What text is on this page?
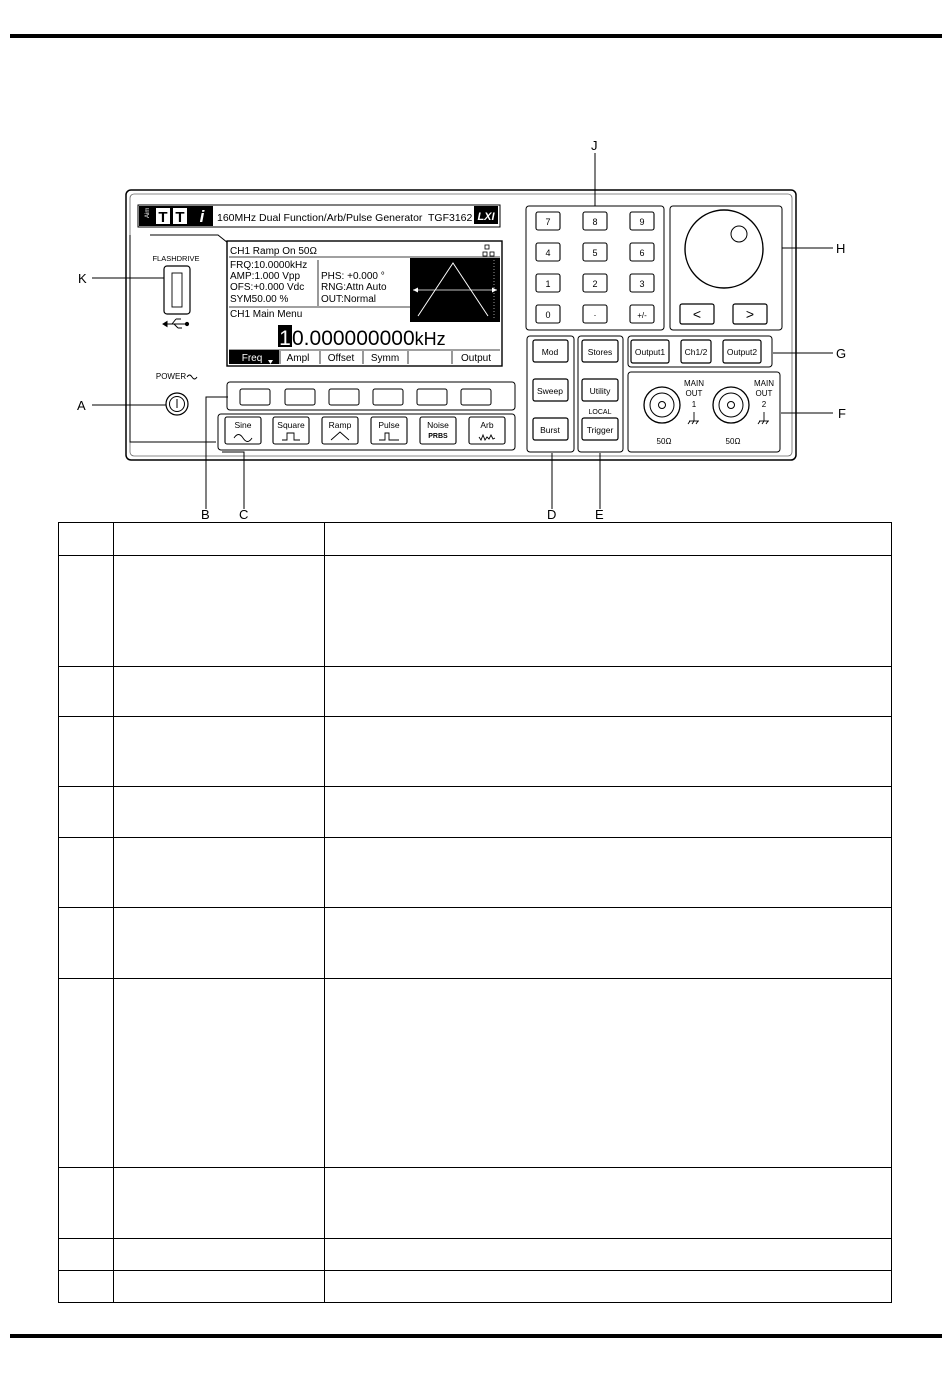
T T i
Aim	160MHz Dual Function/Arb/Pulse Generator TGF3162 LXI
FLASHDRIVE
POWER
CH1 Ramp On 50Ω
FRQ:10.0000kHz
AMP:1.000 Vpp
OFS:+0.000 Vdc
SYM50.00 %
PHS: +0.000 °
RNG:Attn Auto
OUT:Normal
CH1 Main Menu
1 0.000000000kHz
Freq Ampl Offset Symm	Output
Sine	Square	Ramp	Pulse	Noise
PRBS
Arb
7	8	9
4	5	6
1	2	3
0	·	+/-	<	>
Mod
Sweep
Burst
Stores
Utility
LOCAL
Trigger
Output1 Ch1/2 Output2
MAIN
OUT
1
50Ω
MAIN
OUT
2
50Ω
K
A
B C	D	E
F
G
H
J
